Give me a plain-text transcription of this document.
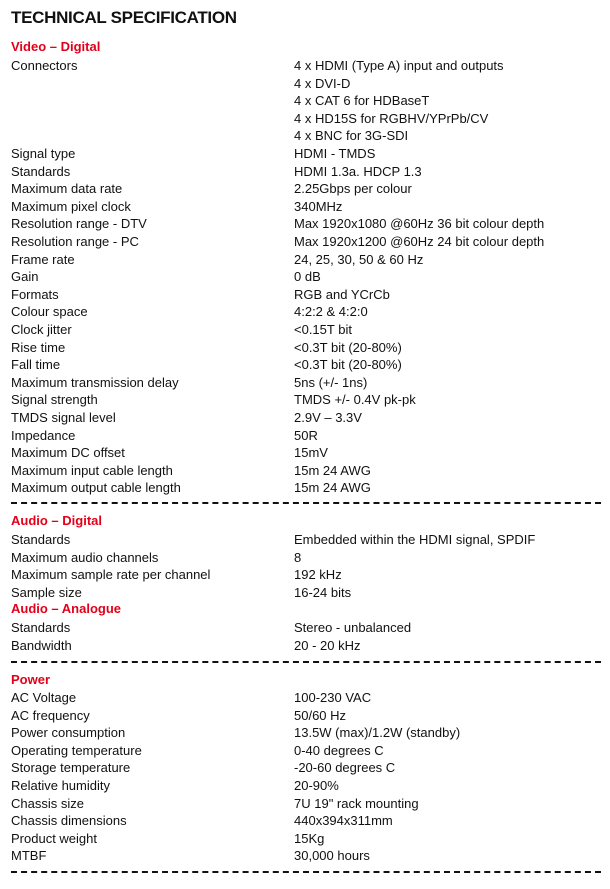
TECHNICAL SPECIFICATION
Video – Digital
Connectors	4 x HDMI (Type A) input and outputs
4 x DVI-D
4 x CAT 6 for HDBaseT
4 x HD15S for RGBHV/YPrPb/CV
4 x BNC for 3G-SDI
Signal type	HDMI - TMDS
Standards	HDMI 1.3a. HDCP 1.3
Maximum data rate	2.25Gbps per colour
Maximum pixel clock	340MHz
Resolution range - DTV	Max 1920x1080 @60Hz 36 bit colour depth
Resolution range - PC	Max 1920x1200 @60Hz 24 bit colour depth
Frame rate	24, 25, 30, 50 & 60 Hz
Gain	0 dB
Formats	RGB and YCrCb
Colour space	4:2:2 & 4:2:0
Clock jitter	<0.15T bit
Rise time	<0.3T bit (20-80%)
Fall time	<0.3T bit (20-80%)
Maximum transmission delay	5ns (+/- 1ns)
Signal strength	TMDS +/- 0.4V pk-pk
TMDS signal level	2.9V – 3.3V
Impedance	50R
Maximum DC offset	15mV
Maximum input cable length	15m 24 AWG
Maximum output cable length	15m 24 AWG
Audio – Digital
Standards	Embedded within the HDMI signal, SPDIF
Maximum audio channels	8
Maximum sample rate per channel	192 kHz
Sample size	16-24 bits
Audio – Analogue
Standards	Stereo - unbalanced
Bandwidth	20 - 20 kHz
Power
AC Voltage	100-230 VAC
AC frequency	50/60 Hz
Power consumption	13.5W (max)/1.2W (standby)
Operating temperature	0-40 degrees C
Storage temperature	-20-60 degrees C
Relative humidity	20-90%
Chassis size	7U 19" rack mounting
Chassis dimensions	440x394x311mm
Product weight	15Kg
MTBF	30,000 hours
